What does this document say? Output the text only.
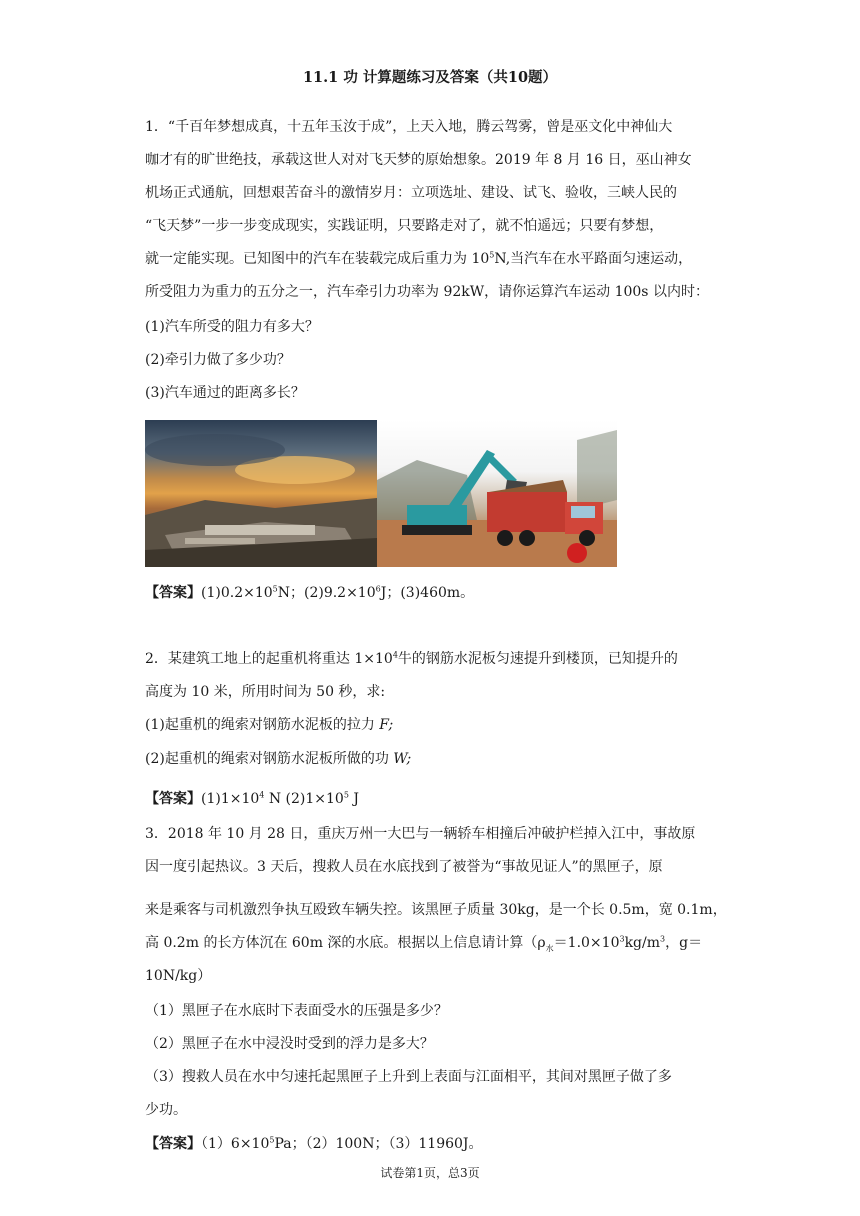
11.1 功 计算题练习及答案（共10题）
1．“千百年梦想成真，十五年玉汝于成”，上天入地，腾云驾雾，曾是巫文化中神仙大
咖才有的旷世绝技，承载这世人对对飞天梦的原始想象。2019 年 8 月 16 日，巫山神女
机场正式通航，回想艰苦奋斗的激情岁月：立项选址、建设、试飞、验收，三峡人民的
“飞天梦”一步一步变成现实，实践证明，只要路走对了，就不怕遥远；只要有梦想，
就一定能实现。已知图中的汽车在装载完成后重力为 $10^5N$,当汽车在水平路面匀速运动，
所受阻力为重力的五分之一，汽车牵引力功率为 92kW，请你运算汽车运动 100s 以内时：
(1)汽车所受的阻力有多大？
(2)牵引力做了多少功？
(3)汽车通过的距离多长？
【答案】$(1)0.2\times 10^5N$；$(2)9.2\times 10^6J$；(3)460m。
2．某建筑工地上的起重机将重达 $1\times 10^4$牛的钢筋水泥板匀速提升到楼顶，已知提升的
高度为 10 米，所用时间为 50 秒，求:
(1)起重机的绳索对钢筋水泥板的拉力 F;
(2)起重机的绳索对钢筋水泥板所做的功 W;
【答案】$(1)1\times 10^4$ N $(2)1\times 10^5$ J
3．2018 年 10 月 28 日，重庆万州一大巴与一辆轿车相撞后冲破护栏掉入江中，事故原
因一度引起热议。3 天后，搜救人员在水底找到了被誉为“事故见证人”的黑匣子，原
来是乘客与司机激烈争执互殴致车辆失控。该黑匣子质量 30kg，是一个长 0.5m，宽 0.1m，
高 0.2m 的长方体沉在 60m 深的水底。根据以上信息请计算（$\rho_水=1.0\times 10^3kg/m^3$，g＝
10N/kg）
（1）黑匣子在水底时下表面受水的压强是多少？
（2）黑匣子在水中浸没时受到的浮力是多大？
（3）搜救人员在水中匀速托起黑匣子上升到上表面与江面相平，其间对黑匣子做了多
少功。
【答案】$(1)6\times 10^5Pa$；（2）100N；（3）11960J。
试卷第1页，总3页
